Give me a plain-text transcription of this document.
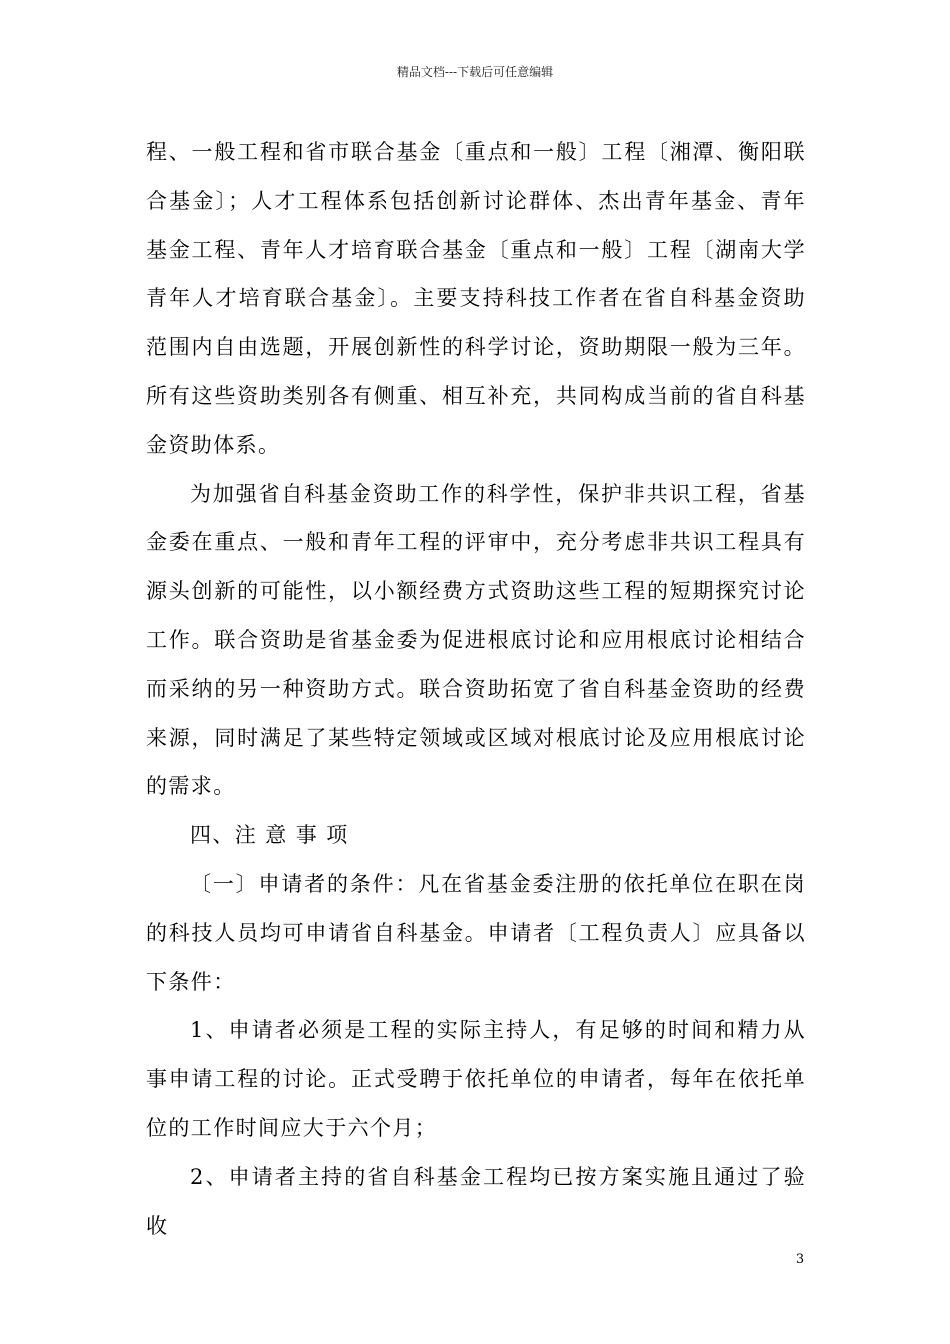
精品文档---下载后可任意编辑

程、一般工程和省市联合基金〔重点和一般〕工程〔湘潭、衡阳联合基金〕；人才工程体系包括创新讨论群体、杰出青年基金、青年基金工程、青年人才培育联合基金〔重点和一般〕工程〔湖南大学青年人才培育联合基金〕。主要支持科技工作者在省自科基金资助范围内自由选题，开展创新性的科学讨论，资助期限一般为三年。所有这些资助类别各有侧重、相互补充，共同构成当前的省自科基金资助体系。

为加强省自科基金资助工作的科学性，保护非共识工程，省基金委在重点、一般和青年工程的评审中，充分考虑非共识工程具有源头创新的可能性，以小额经费方式资助这些工程的短期探究讨论工作。联合资助是省基金委为促进根底讨论和应用根底讨论相结合而采纳的另一种资助方式。联合资助拓宽了省自科基金资助的经费来源，同时满足了某些特定领域或区域对根底讨论及应用根底讨论的需求。

四、注 意 事 项

〔一〕申请者的条件：凡在省基金委注册的依托单位在职在岗的科技人员均可申请省自科基金。申请者〔工程负责人〕应具备以下条件：

1、申请者必须是工程的实际主持人，有足够的时间和精力从事申请工程的讨论。正式受聘于依托单位的申请者，每年在依托单位的工作时间应大于六个月；

2、申请者主持的省自科基金工程均已按方案实施且通过了验收

3
